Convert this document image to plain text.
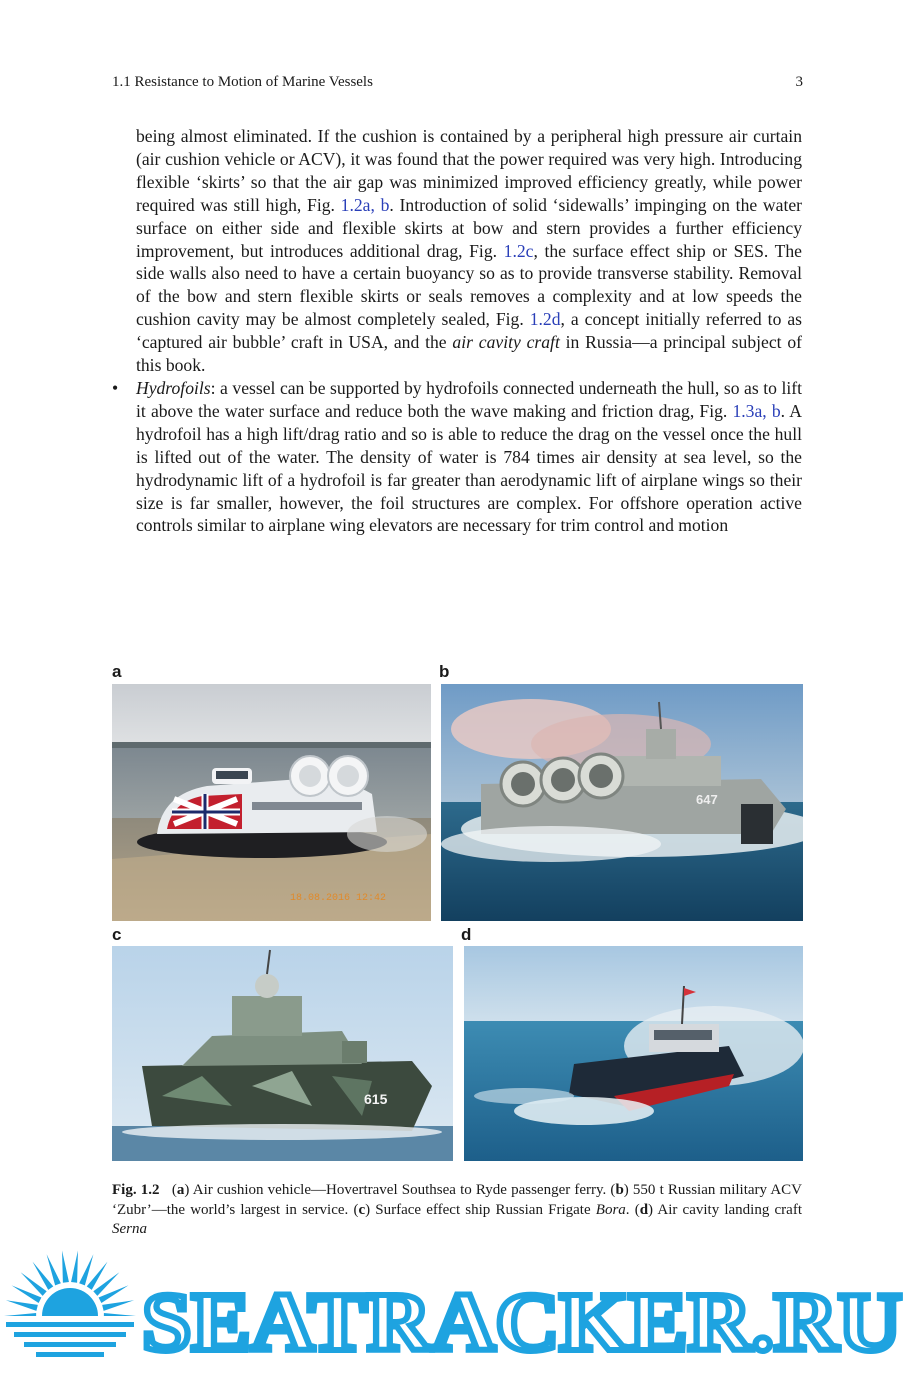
1.1 Resistance to Motion of Marine Vessels	3

being almost eliminated. If the cushion is contained by a peripheral high pressure air curtain (air cushion vehicle or ACV), it was found that the power required was very high. Introducing flexible ‘skirts’ so that the air gap was minimized improved efficiency greatly, while power required was still high, Fig. 1.2a, b. Introduction of solid ‘sidewalls’ impinging on the water surface on either side and flexible skirts at bow and stern provides a further efficiency improvement, but introduces additional drag, Fig. 1.2c, the surface effect ship or SES. The side walls also need to have a certain buoyancy so as to provide transverse stability. Removal of the bow and stern flexible skirts or seals removes a complexity and at low speeds the cushion cavity may be almost completely sealed, Fig. 1.2d, a concept initially referred to as ‘captured air bubble’ craft in USA, and the air cavity craft in Russia—a principal subject of this book.

• Hydrofoils: a vessel can be supported by hydrofoils connected underneath the hull, so as to lift it above the water surface and reduce both the wave making and friction drag, Fig. 1.3a, b. A hydrofoil has a high lift/drag ratio and so is able to reduce the drag on the vessel once the hull is lifted out of the water. The density of water is 784 times air density at sea level, so the hydrodynamic lift of a hydrofoil is far greater than aerodynamic lift of airplane wings so their size is far smaller, however, the foil structures are complex. For offshore operation active controls similar to airplane wing elevators are necessary for trim control and motion

a	b
c	d
18.08.2016 12:42
647
615
Fig. 1.2 (a) Air cushion vehicle—Hovertravel Southsea to Ryde passenger ferry. (b) 550 t Russian military ACV ‘Zubr’—the world’s largest in service. (c) Surface effect ship Russian Frigate Bora. (d) Air cavity landing craft Serna
SEATRACKER.RU
